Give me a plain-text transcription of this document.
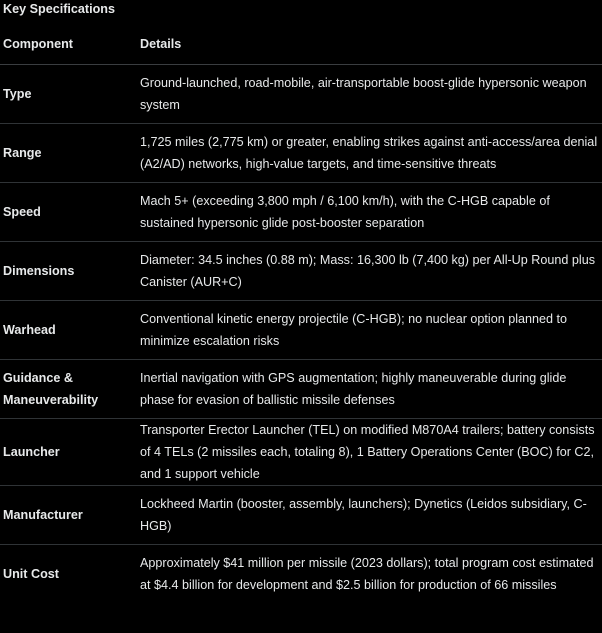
Key Specifications
Component	Details
Type	Ground-launched, road-mobile, air-transportable boost-glide hypersonic weapon system
Range	1,725 miles (2,775 km) or greater, enabling strikes against anti-access/area denial (A2/AD) networks, high-value targets, and time-sensitive threats
Speed	Mach 5+ (exceeding 3,800 mph / 6,100 km/h), with the C-HGB capable of sustained hypersonic glide post-booster separation
Dimensions	Diameter: 34.5 inches (0.88 m); Mass: 16,300 lb (7,400 kg) per All-Up Round plus Canister (AUR+C)
Warhead	Conventional kinetic energy projectile (C-HGB); no nuclear option planned to minimize escalation risks
Guidance & Maneuverability	Inertial navigation with GPS augmentation; highly maneuverable during glide phase for evasion of ballistic missile defenses
Launcher	Transporter Erector Launcher (TEL) on modified M870A4 trailers; battery consists of 4 TELs (2 missiles each, totaling 8), 1 Battery Operations Center (BOC) for C2, and 1 support vehicle
Manufacturer	Lockheed Martin (booster, assembly, launchers); Dynetics (Leidos subsidiary, C-HGB)
Unit Cost	Approximately $41 million per missile (2023 dollars); total program cost estimated at $4.4 billion for development and $2.5 billion for production of 66 missiles
